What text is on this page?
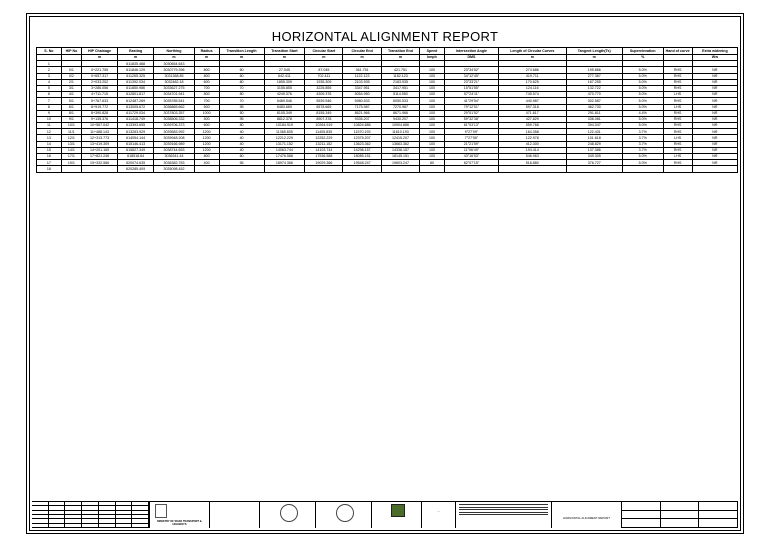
HORIZONTAL ALIGNMENT REPORT
S. No	HIP No	HIP Chainage	Easting	Northing	Radius	Transition Length	Transition Start	Circular Start	Circular End	Transition End	Speed	Intersection Angle	Length of Circular Curves	Tangent Length(Ts)	Superelevation	Hand of curve	Extra widening
		m	m	m	m	m	m	m	m	m	kmph	DMS	m	m	%		Ww
1			611835.468	3030654.643													
2	0/1	0+221.755	611846.129	3030779.396	800	60	27.045	87.045	361.751	421.751	100	23°34'52"	274.686	195.866	5.0%	RHS	NR
3	0/2	0+657.317	611265.325	3031368.85	800	60	642.411	702.411	1122.123	1182.123	100	34°12'45"	419.711	277.367	5.0%	RHS	NR
4	2/1	2+033.202	611392.034	3032482.18	600	80	1855.309	1935.309	2103.935	2183.935	100	23°33'21"	170.625	167.255	5.0%	RHS	NR
5	3/1	3+286.056	611850.986	3033627.275	700	70	3155.855	3225.855	3347.951	3417.951	100	15°51'55"	124.116	132.722	5.0%	RHS	NR
6	4/1	4+711.715	612801.817	3034701.941	800	80	4249.376	4309.376	5054.950	5114.950	100	57°24'11"	745.574	470.770	5.0%	LHS	NR
7	5/1	5+767.633	612487.269	3035785.541	700	70	5469.546	5539.546	5980.533	6050.533	100	41°29'54"	440.987	302.587	5.0%	RHS	NR
8	6/1	6+919.772	613005.672	3036865.662	500	95	6483.669	6578.669	7175.987	7270.987	100	79°12'01"	597.318	462.730	5.0%	LHS	NR
9	8/1	8+390.828	611729.034	3037803.357	1000	50	8105.349	8155.349	8621.966	8671.966	100	29°51'52"	471.617	291.811	4.4%	RHS	NR
10	9/1	9+135.376	611418.749	3038506.332	500	95	8812.378	8907.378	9335.207	9430.207	100	59°32'38"	427.829	336.081	5.0%	RHS	NR
11	10/1	10+567.042	613393.695	3039706.373	600	80	10184.919	10264.919	10824.686	10904.686	100	61°03'13"	559.768	394.347	5.0%	RHS	NR
12	11/1	11+488.143	613263.929	3039583.992	1200	40	11365.835	11405.835	11570.193	11610.193	100	9°27'09"	164.358	122.431	3.7%	RHS	NR
13	12/1	12+313.773	614054.144	3039948.208	1200	40	12212.229	12252.229	12375.207	12415.207	100	7°27'55"	122.978	101.618	3.7%	LHS	NR
14	13/1	13+419.309	615146.413	3039166.989	1200	40	13171.152	13211.152	13623.362	13663.362	100	21°21'59"	412.300	248.829	3.7%	RHS	NR
15	14/1	14+201.165	615827.349	3038744.653	1200	40	14063.744	14103.744	14298.157	14338.157	100	11°06'49"	194.414	137.386	3.7%	RHS	NR
16	17/1	17+821.246	618518.64	3036341.44	800	60	17476.588	17536.588	18085.151	18145.151	100	43°16'53"	546.963	349.305	5.0%	LHS	NR
17	19/1	19+332.566	620074.635	3036382.783	400	55	18974.366	19029.366	19548.247	19603.247	80	82°07'15"	518.880	376.727	5.0%	RHS	NR
18			620285.409	3035098.452													
MINISTRY OF ROAD TRANSPORT & HIGHWAYS
~
HORIZONTAL ALIGNMENT REPORT
